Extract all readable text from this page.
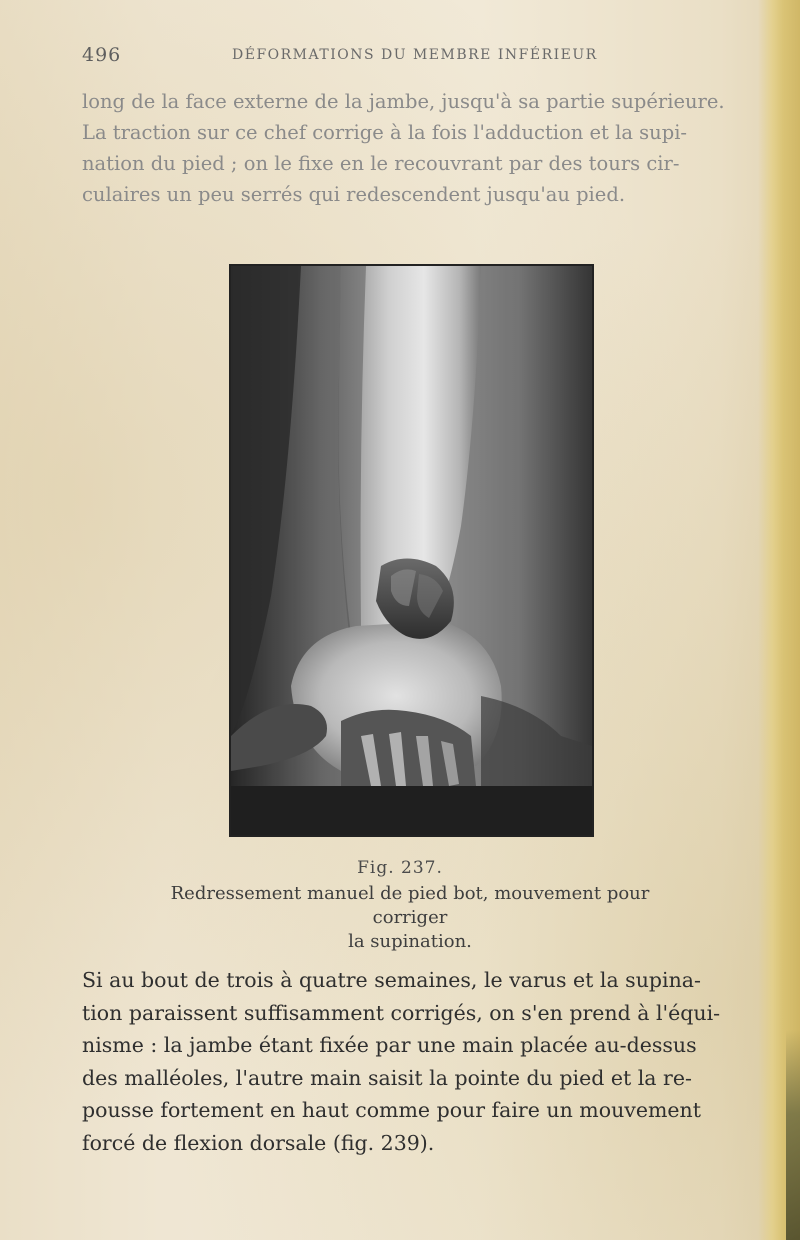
496	DÉFORMATIONS DU MEMBRE INFÉRIEUR

long de la face externe de la jambe, jusqu'à sa partie supérieure.
La traction sur ce chef corrige à la fois l'adduction et la supi-
nation du pied ; on le fixe en le recouvrant par des tours cir-
culaires un peu serrés qui redescendent jusqu'au pied.

Fig. 237.
Redressement manuel de pied bot, mouvement pour corriger
la supination.

Si au bout de trois à quatre semaines, le varus et la supina-
tion paraissent suffisamment corrigés, on s'en prend à l'équi-
nisme : la jambe étant fixée par une main placée au-dessus
des malléoles, l'autre main saisit la pointe du pied et la re-
pousse fortement en haut comme pour faire un mouvement
forcé de flexion dorsale (fig. 239).
